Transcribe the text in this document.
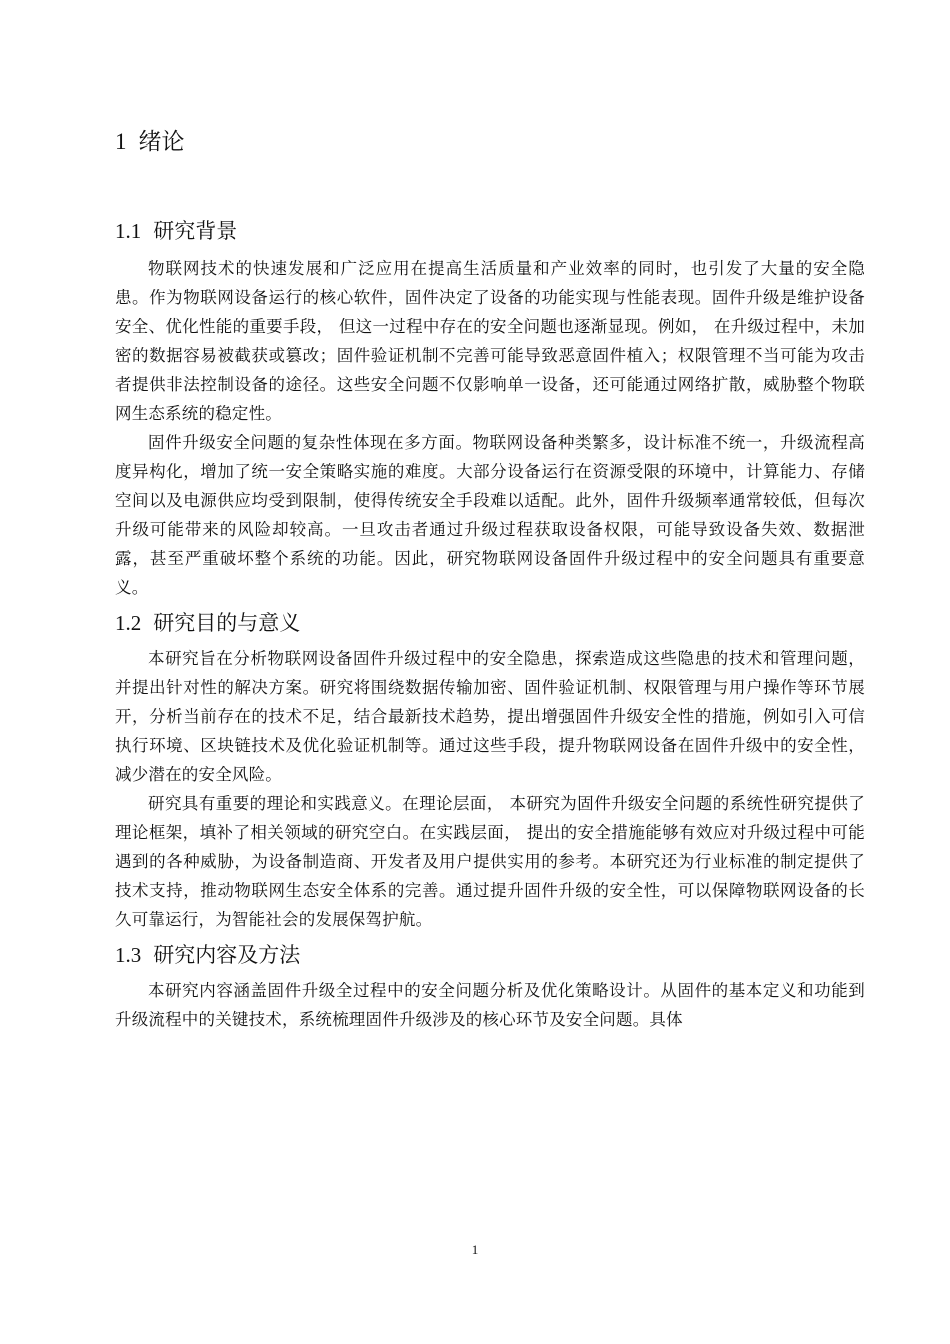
1 绪论
1.1 研究背景

物联网技术的快速发展和广泛应用在提高生活质量和产业效率的同时，也引发了大量的安全隐患。作为物联网设备运行的核心软件，固件决定了设备的功能实现与性能表现。固件升级是维护设备安全、优化性能的重要手段， 但这一过程中存在的安全问题也逐渐显现。例如， 在升级过程中，未加密的数据容易被截获或篡改；固件验证机制不完善可能导致恶意固件植入；权限管理不当可能为攻击者提供非法控制设备的途径。这些安全问题不仅影响单一设备，还可能通过网络扩散，威胁整个物联网生态系统的稳定性。

固件升级安全问题的复杂性体现在多方面。物联网设备种类繁多，设计标准不统一，升级流程高度异构化，增加了统一安全策略实施的难度。大部分设备运行在资源受限的环境中，计算能力、存储空间以及电源供应均受到限制，使得传统安全手段难以适配。此外，固件升级频率通常较低，但每次升级可能带来的风险却较高。一旦攻击者通过升级过程获取设备权限，可能导致设备失效、数据泄露，甚至严重破坏整个系统的功能。因此，研究物联网设备固件升级过程中的安全问题具有重要意义。

1.2 研究目的与意义

本研究旨在分析物联网设备固件升级过程中的安全隐患，探索造成这些隐患的技术和管理问题，并提出针对性的解决方案。研究将围绕数据传输加密、固件验证机制、权限管理与用户操作等环节展开，分析当前存在的技术不足，结合最新技术趋势，提出增强固件升级安全性的措施，例如引入可信执行环境、区块链技术及优化验证机制等。通过这些手段，提升物联网设备在固件升级中的安全性，减少潜在的安全风险。

研究具有重要的理论和实践意义。在理论层面， 本研究为固件升级安全问题的系统性研究提供了理论框架，填补了相关领域的研究空白。在实践层面， 提出的安全措施能够有效应对升级过程中可能遇到的各种威胁，为设备制造商、开发者及用户提供实用的参考。本研究还为行业标准的制定提供了技术支持，推动物联网生态安全体系的完善。通过提升固件升级的安全性，可以保障物联网设备的长久可靠运行，为智能社会的发展保驾护航。

1.3 研究内容及方法

本研究内容涵盖固件升级全过程中的安全问题分析及优化策略设计。从固件的基本定义和功能到升级流程中的关键技术，系统梳理固件升级涉及的核心环节及安全问题。具体

1
